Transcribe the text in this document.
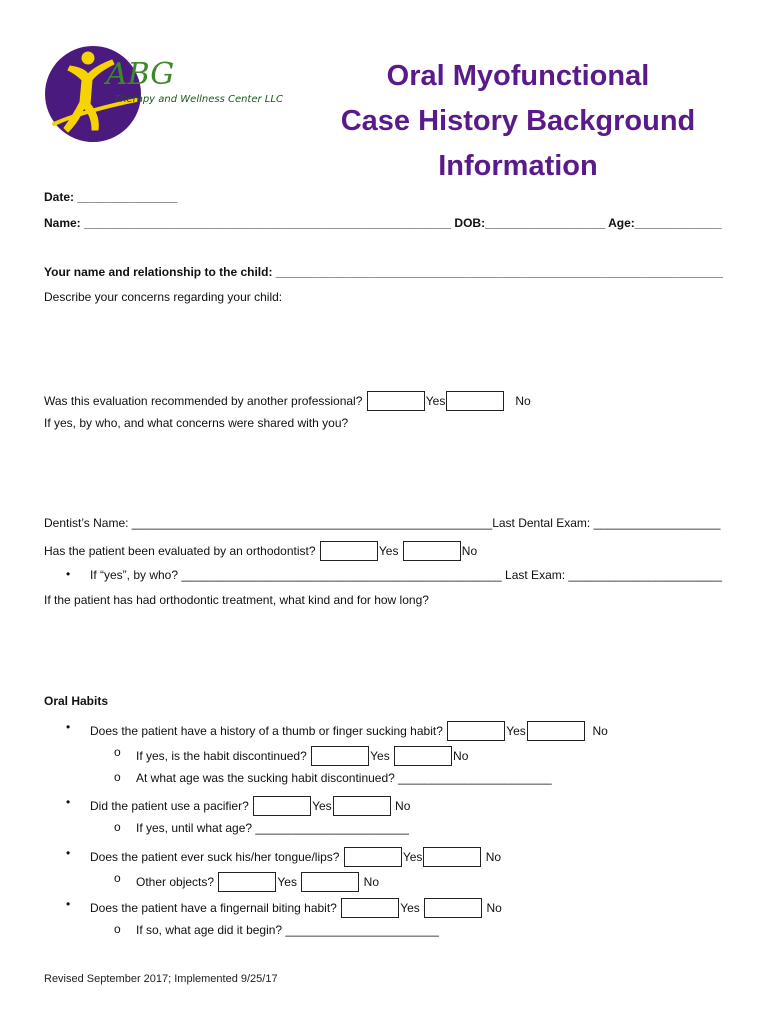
ABG
Therapy and Wellness Center LLC
Oral Myofunctional
Case History Background
Information
Date: _______________
Name: _______________________________________________________ DOB:__________________ Age:_____________
Your name and relationship to the child: ___________________________________________________________________
Describe your concerns regarding your child:
Was this evaluation recommended by another professional?	Yes	No
If yes, by who, and what concerns were shared with you?
Dentist’s Name: ______________________________________________________Last Dental Exam: ___________________
Has the patient been evaluated by an orthodontist?	Yes	No
• If “yes”, by who? ________________________________________________ Last Exam: _______________________
If the patient has had orthodontic treatment, what kind and for how long?
Oral Habits
• Does the patient have a history of a thumb or finger sucking habit?	Yes	No
o If yes, is the habit discontinued?	Yes	No
o At what age was the sucking habit discontinued? _______________________
• Did the patient use a pacifier?	Yes	No
o If yes, until what age? _______________________
• Does the patient ever suck his/her tongue/lips?	Yes	No
o Other objects?	Yes	No
• Does the patient have a fingernail biting habit?	Yes	No
o If so, what age did it begin? _______________________
Revised September 2017; Implemented 9/25/17
